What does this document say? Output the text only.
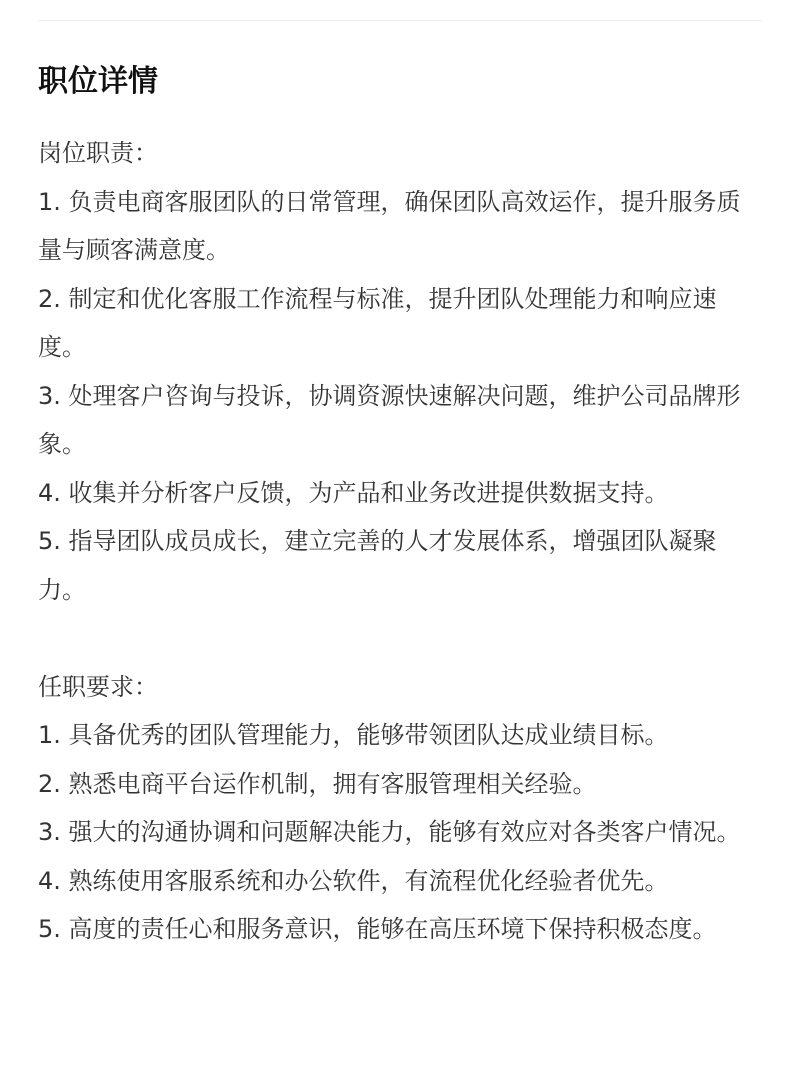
职位详情
岗位职责：

1. 负责电商客服团队的日常管理，确保团队高效运作，提升服务质量与顾客满意度。

2. 制定和优化客服工作流程与标准，提升团队处理能力和响应速度。

3. 处理客户咨询与投诉，协调资源快速解决问题，维护公司品牌形象。

4. 收集并分析客户反馈，为产品和业务改进提供数据支持。

5. 指导团队成员成长，建立完善的人才发展体系，增强团队凝聚力。

任职要求：

1. 具备优秀的团队管理能力，能够带领团队达成业绩目标。

2. 熟悉电商平台运作机制，拥有客服管理相关经验。

3. 强大的沟通协调和问题解决能力，能够有效应对各类客户情况。

4. 熟练使用客服系统和办公软件，有流程优化经验者优先。

5. 高度的责任心和服务意识，能够在高压环境下保持积极态度。
